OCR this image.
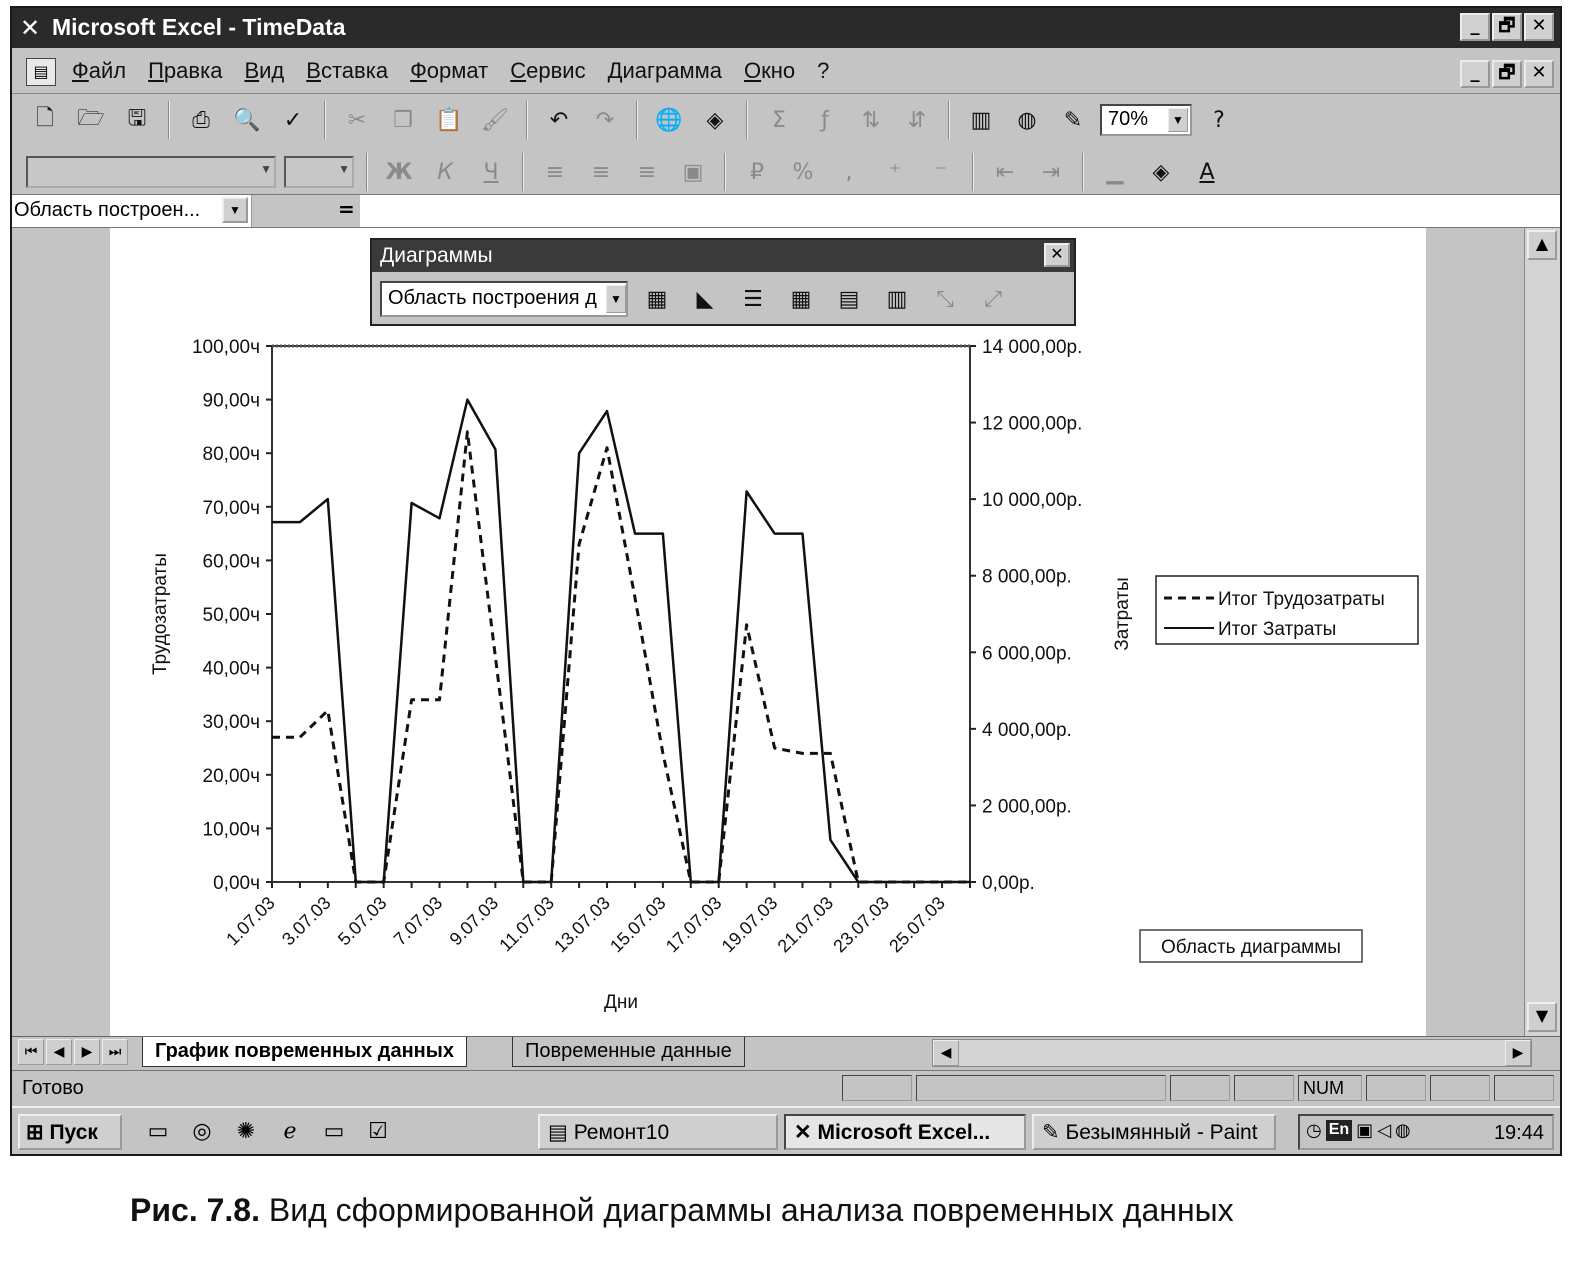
✕ Microsoft Excel - TimeData	_	🗗 ✕
▤	Файл Правка Вид Вставка Формат Сервис Диаграмма Окно ?	_	🗗 ✕
🗋	🗁	🖫	⎙	🔍	✓	✂	❐	📋 🖌	↶	↷	🌐	◈	Σ	ƒ	⇅	⇵	▥	◍	✎	70%	▼	?
▼	▼ Ж	К	Ч	≡	≡	≡	▣	₽	%	,	⁺	⁻	⇤	⇥	▁	◈	A
Область построен...	▼	=
▲
▼
0,00ч
10,00ч
20,00ч
30,00ч
40,00ч
50,00ч
60,00ч
70,00ч
80,00ч
90,00ч
100,00ч
0,00р.
2 000,00р.
4 000,00р.
6 000,00р.
8 000,00р.
10 000,00р.
12 000,00р.
14 000,00р.
1.07.03 3.07.03 5.07.03 7.07.03 9.07.03
11.07.03
13.07.03
15.07.03
17.07.03
19.07.03
21.07.03
23.07.03
25.07.03
Трудозатраты	Затраты
Дни
Итог Трудозатраты
Итог Затраты
Область диаграммы
Диаграммы	✕
Область построения д	▼	▦	◣	☰	▦	▤	▥	⤡	⤢
⏮	◀	▶	⏭	График повременных данных	Повременные данные	◀	▶
Готово	NUM
⊞ Пуск	▭ ◎	✺	ℯ	▭ ☑	▤ Ремонт10	✕ Microsoft Excel...	✎ Безымянный - Paint	◷ En ▣ ◁ ◍	19:44
Рис. 7.8. Вид сформированной диаграммы анализа повременных данных
